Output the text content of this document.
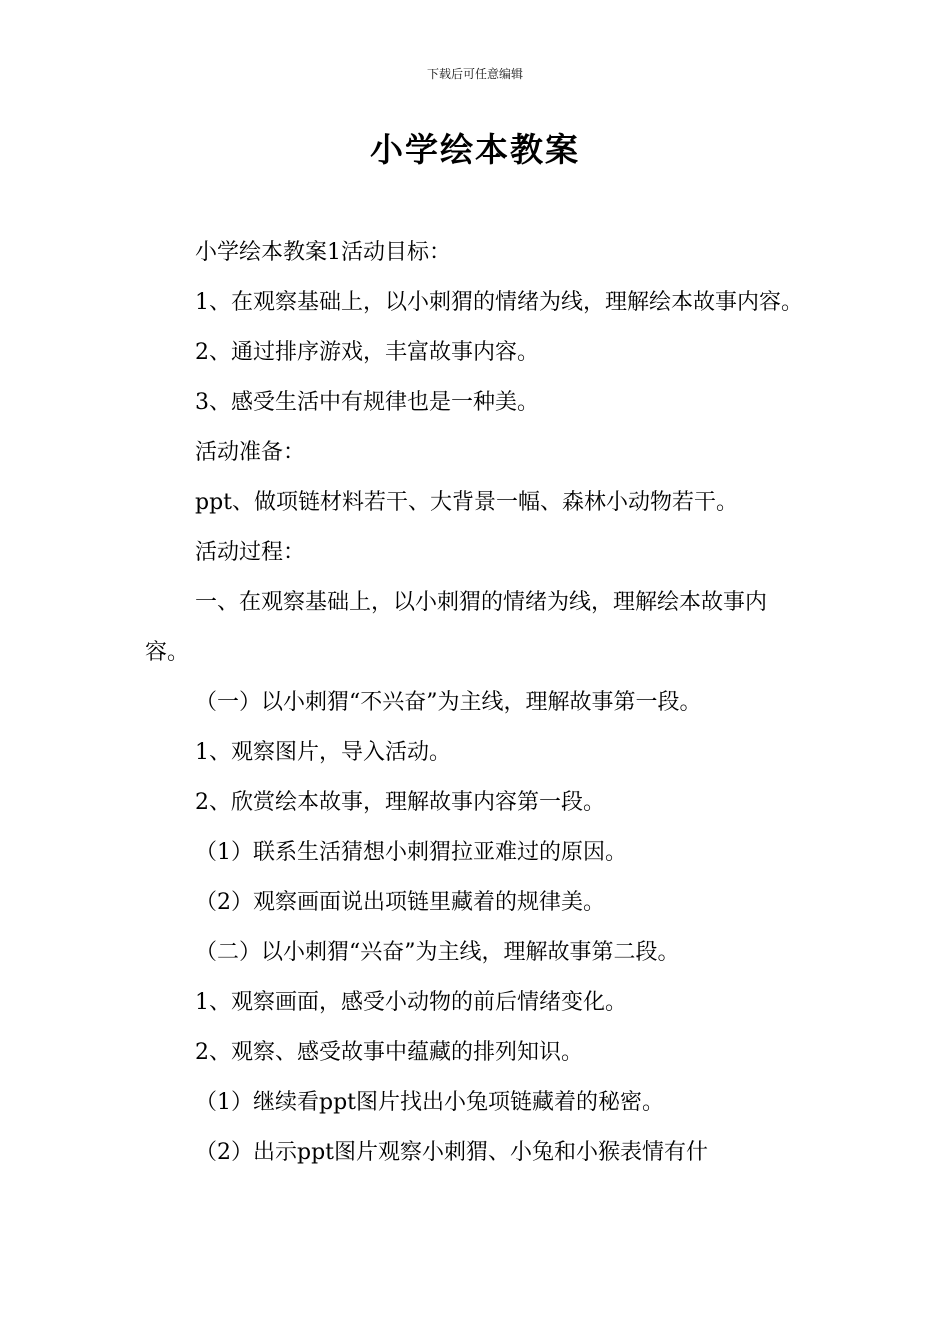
下载后可任意编辑
小学绘本教案

小学绘本教案1活动目标：

1、在观察基础上，以小刺猬的情绪为线，理解绘本故事内容。

2、通过排序游戏，丰富故事内容。

3、感受生活中有规律也是一种美。

活动准备：

ppt、做项链材料若干、大背景一幅、森林小动物若干。

活动过程：

一、在观察基础上，以小刺猬的情绪为线，理解绘本故事内容。

（一）以小刺猬“不兴奋”为主线，理解故事第一段。

1、观察图片，导入活动。

2、欣赏绘本故事，理解故事内容第一段。

（1）联系生活猜想小刺猬拉亚难过的原因。

（2）观察画面说出项链里藏着的规律美。

（二）以小刺猬“兴奋”为主线，理解故事第二段。

1、观察画面，感受小动物的前后情绪变化。

2、观察、感受故事中蕴藏的排列知识。

（1）继续看ppt图片找出小兔项链藏着的秘密。

（2）出示ppt图片观察小刺猬、小兔和小猴表情有什
